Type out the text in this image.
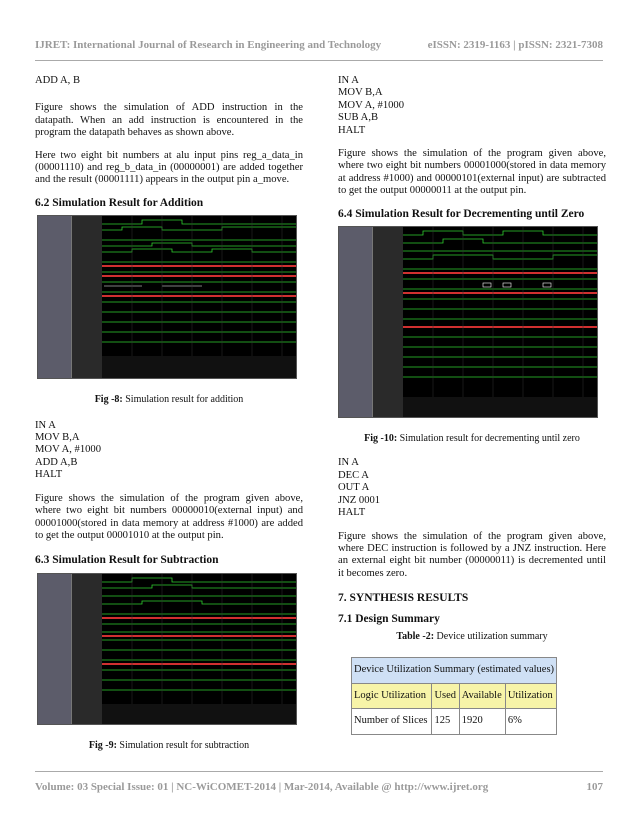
IJRET: International Journal of Research in Engineering and Technology	eISSN: 2319-1163 | pISSN: 2321-7308

ADD A, B

Figure shows the simulation of ADD instruction in the datapath. When an add instruction is encountered in the program the datapath behaves as shown above.

Here two eight bit numbers at alu input pins reg_a_data_in (00001110) and reg_b_data_in (00000001) are added together and the result (00001111) appears in the output pin a_move.

6.2 Simulation Result for Addition

Fig -8: Simulation result for addition

IN A
MOV B,A
MOV A, #1000
ADD A,B
HALT

Figure shows the simulation of the program given above, where two eight bit numbers 00000010(external input) and 00001000(stored in data memory at address #1000) are added to get the output 00001010 at the output pin.

6.3 Simulation Result for Subtraction

Fig -9: Simulation result for subtraction

IN A
MOV B,A
MOV A, #1000
SUB A,B
HALT

Figure shows the simulation of the program given above, where two eight bit numbers 00001000(stored in data memory at address #1000) and 00000101(external input) are subtracted to get the output 00000011 at the output pin.

6.4 Simulation Result for Decrementing until Zero

Fig -10: Simulation result for decrementing until zero

IN A
DEC A
OUT A
JNZ 0001
HALT

Figure shows the simulation of the program given above, where DEC instruction is followed by a JNZ instruction. Here an external eight bit number (00000011) is decremented until it becomes zero.

7. SYNTHESIS RESULTS

7.1 Design Summary

Table -2: Device utilization summary

Device Utilization Summary (estimated values)			
Logic Utilization	Used	Available	Utilization
Number of Slices	125	1920	6%
Volume: 03 Special Issue: 01 | NC-WiCOMET-2014 | Mar-2014, Available @ http://www.ijret.org	107
